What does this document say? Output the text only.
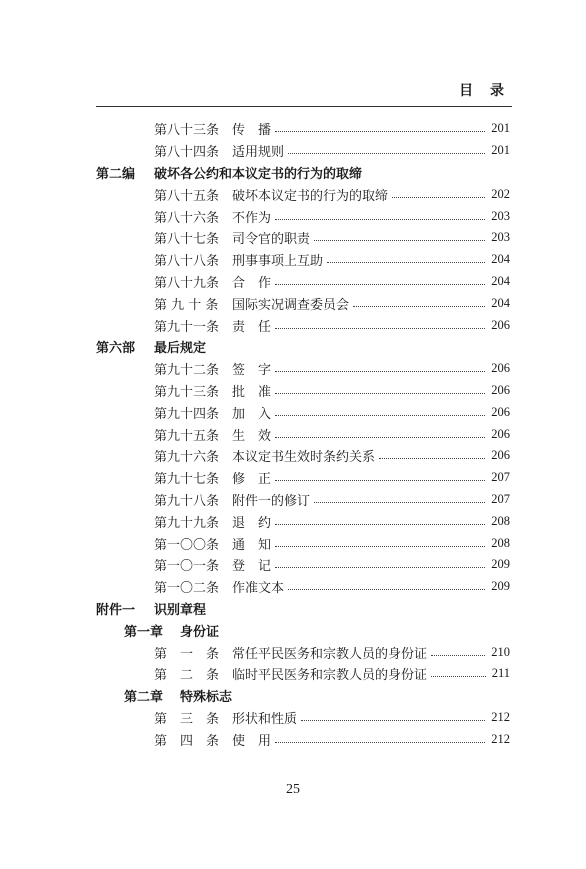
目 录
第八十三条 传　播	201
第八十四条 适用规则	201
第二编	破坏各公约和本议定书的行为的取缔
第八十五条 破坏本议定书的行为的取缔	202
第八十六条 不作为	203
第八十七条 司令官的职责	203
第八十八条 刑事事项上互助	204
第八十九条 合　作	204
第 九 十 条	国际实况调查委员会	204
第九十一条 责　任	206
第六部	最后规定
第九十二条 签　字	206
第九十三条 批　准	206
第九十四条 加　入	206
第九十五条 生　效	206
第九十六条 本议定书生效时条约关系	206
第九十七条 修　正	207
第九十八条 附件一的修订	207
第九十九条 退　约	208
第一〇〇条 通　知	208
第一〇一条 登　记	209
第一〇二条 作准文本	209
附件一	识别章程
第一章	身份证
第　一　条 常任平民医务和宗教人员的身份证	210
第　二　条 临时平民医务和宗教人员的身份证	211
第二章	特殊标志
第　三　条 形状和性质	212
第　四　条 使　用	212
25
